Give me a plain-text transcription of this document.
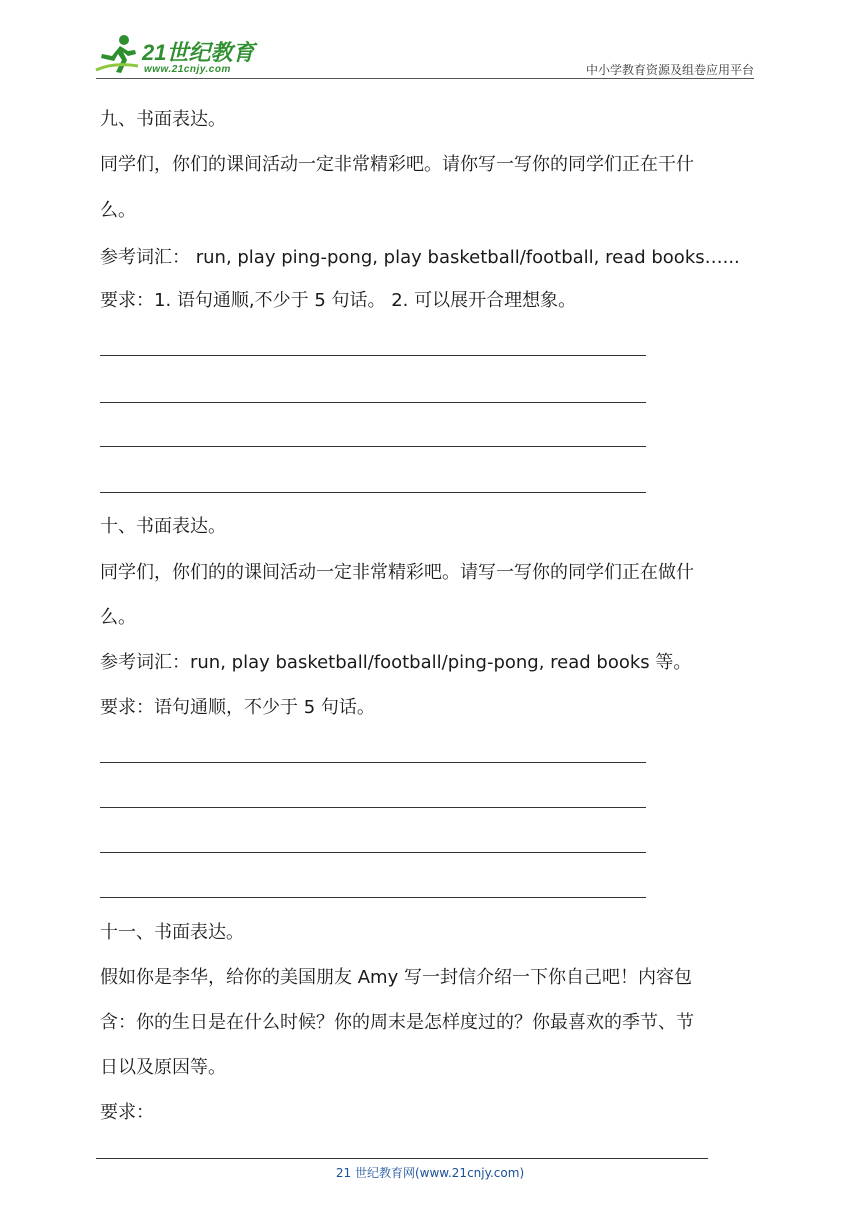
21世纪教育
www.21cnjy.com	中小学教育资源及组卷应用平台
九、书面表达。
同学们，你们的课间活动一定非常精彩吧。请你写一写你的同学们正在干什
么。
参考词汇： run, play ping-pong, play basketball/football, read books…...
要求：1. 语句通顺,不少于 5 句话。 2. 可以展开合理想象。
十、书面表达。
同学们，你们的的课间活动一定非常精彩吧。请写一写你的同学们正在做什
么。
参考词汇：run, play basketball/football/ping-pong, read books 等。
要求：语句通顺，不少于 5 句话。
十一、书面表达。
假如你是李华，给你的美国朋友 Amy 写一封信介绍一下你自己吧！内容包
含：你的生日是在什么时候？你的周末是怎样度过的？你最喜欢的季节、节
日以及原因等。
要求：
21 世纪教育网(www.21cnjy.com)
